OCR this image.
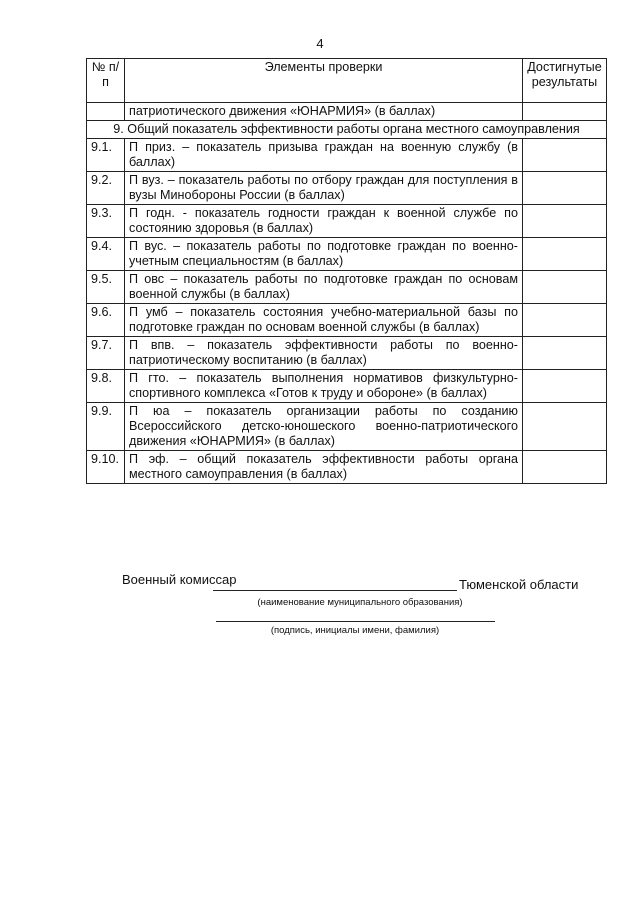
4
№ п/п	Элементы проверки	Достигнутые результаты
	патриотического движения «ЮНАРМИЯ» (в баллах)	
9. Общий показатель эффективности работы органа местного самоуправления		
9.1.	П приз. – показатель призыва граждан на военную службу (в баллах)	
9.2.	П вуз. – показатель работы по отбору граждан для поступления в вузы Минобороны России (в баллах)	
9.3.	П годн. - показатель годности граждан к военной службе по состоянию здоровья (в баллах)	
9.4.	П вус. – показатель работы по подготовке граждан по военно-учетным специальностям (в баллах)	
9.5.	П овс – показатель работы по подготовке граждан по основам военной службы (в баллах)	
9.6.	П умб – показатель состояния учебно-материальной базы по подготовке граждан по основам военной службы (в баллах)	
9.7.	П впв. – показатель эффективности работы по военно-патриотическому воспитанию (в баллах)	
9.8.	П гто. – показатель выполнения нормативов физкультурно-спортивного комплекса «Готов к труду и обороне» (в баллах)	
9.9.	П юа – показатель организации работы по созданию Всероссийского детско-юношеского военно-патриотического движения «ЮНАРМИЯ» (в баллах)	
9.10.	П эф. – общий показатель эффективности работы органа местного самоуправления (в баллах)	
Военный комиссар	Тюменской области
(наименование муниципального образования)
(подпись, инициалы имени, фамилия)
